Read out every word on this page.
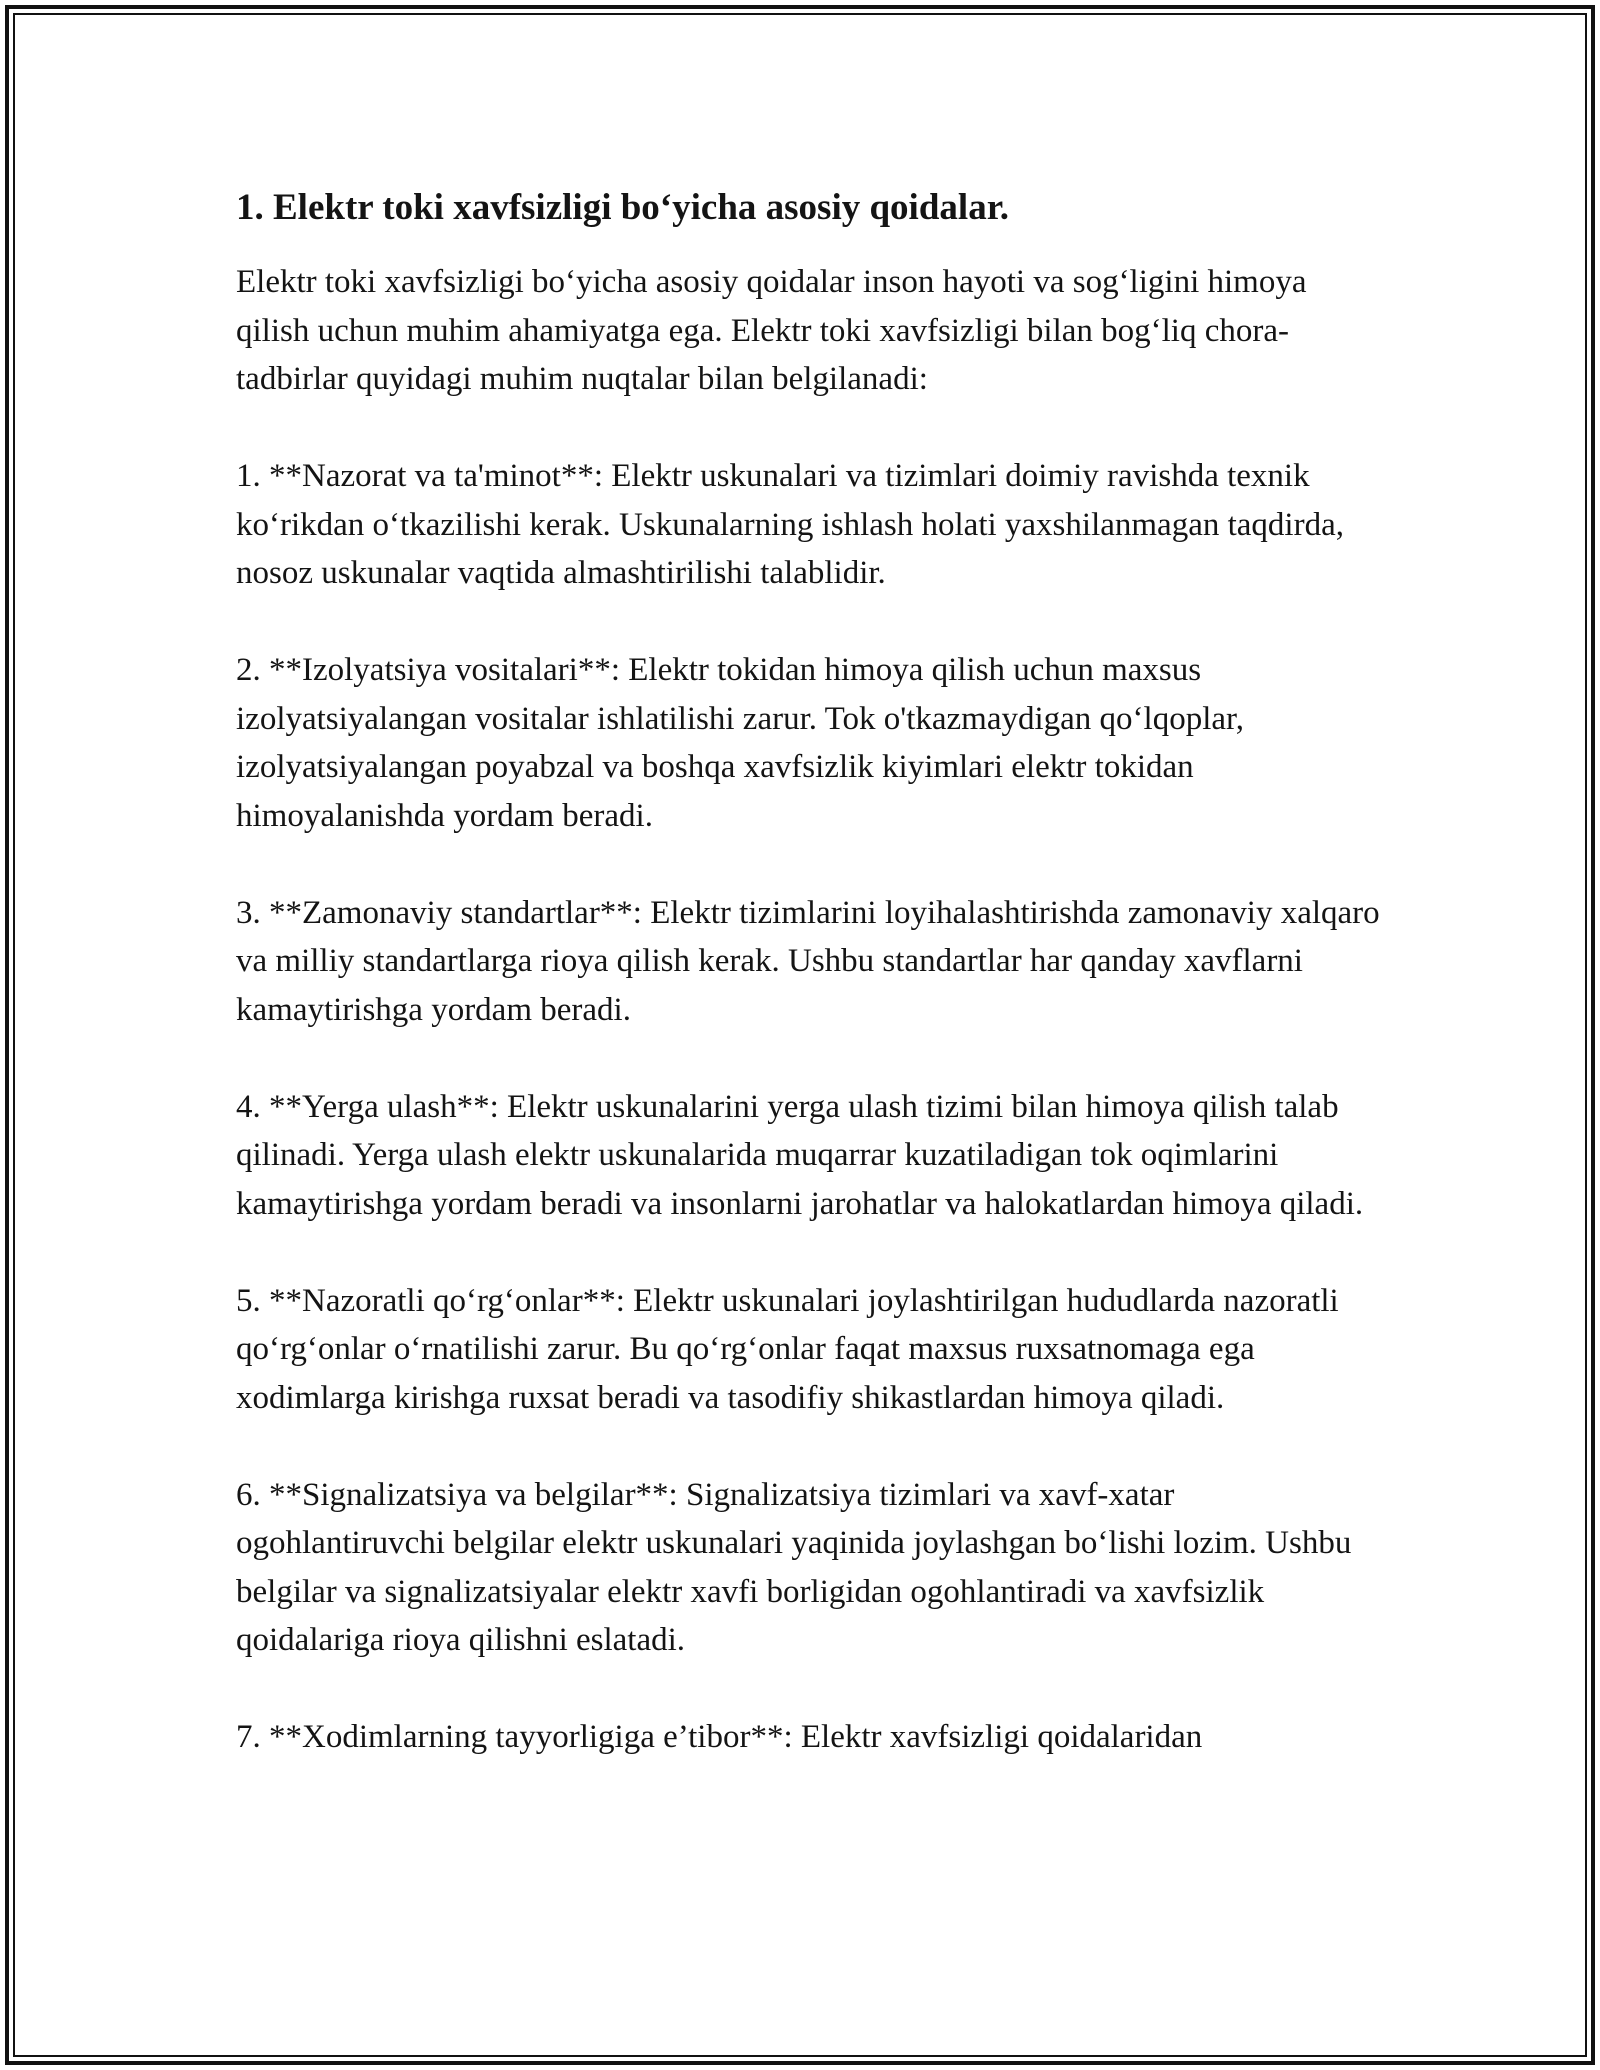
1. Elektr toki xavfsizligi bo‘yicha asosiy qoidalar.

Elektr toki xavfsizligi bo‘yicha asosiy qoidalar inson hayoti va sog‘ligini himoya qilish uchun muhim ahamiyatga ega. Elektr toki xavfsizligi bilan bog‘liq chora-tadbirlar quyidagi muhim nuqtalar bilan belgilanadi:

1. **Nazorat va ta'minot**: Elektr uskunalari va tizimlari doimiy ravishda texnik ko‘rikdan o‘tkazilishi kerak. Uskunalarning ishlash holati yaxshilanmagan taqdirda, nosoz uskunalar vaqtida almashtirilishi talablidir.

2. **Izolyatsiya vositalari**: Elektr tokidan himoya qilish uchun maxsus izolyatsiyalangan vositalar ishlatilishi zarur. Tok o'tkazmaydigan qo‘lqoplar, izolyatsiyalangan poyabzal va boshqa xavfsizlik kiyimlari elektr tokidan himoyalanishda yordam beradi.

3. **Zamonaviy standartlar**: Elektr tizimlarini loyihalashtirishda zamonaviy xalqaro va milliy standartlarga rioya qilish kerak. Ushbu standartlar har qanday xavflarni kamaytirishga yordam beradi.

4. **Yerga ulash**: Elektr uskunalarini yerga ulash tizimi bilan himoya qilish talab qilinadi. Yerga ulash elektr uskunalarida muqarrar kuzatiladigan tok oqimlarini kamaytirishga yordam beradi va insonlarni jarohatlar va halokatlardan himoya qiladi.

5. **Nazoratli qo‘rg‘onlar**: Elektr uskunalari joylashtirilgan hududlarda nazoratli qo‘rg‘onlar o‘rnatilishi zarur. Bu qo‘rg‘onlar faqat maxsus ruxsatnomaga ega xodimlarga kirishga ruxsat beradi va tasodifiy shikastlardan himoya qiladi.

6. **Signalizatsiya va belgilar**: Signalizatsiya tizimlari va xavf-xatar ogohlantiruvchi belgilar elektr uskunalari yaqinida joylashgan bo‘lishi lozim. Ushbu belgilar va signalizatsiyalar elektr xavfi borligidan ogohlantiradi va xavfsizlik qoidalariga rioya qilishni eslatadi.

7. **Xodimlarning tayyorligiga e’tibor**: Elektr xavfsizligi qoidalaridan
